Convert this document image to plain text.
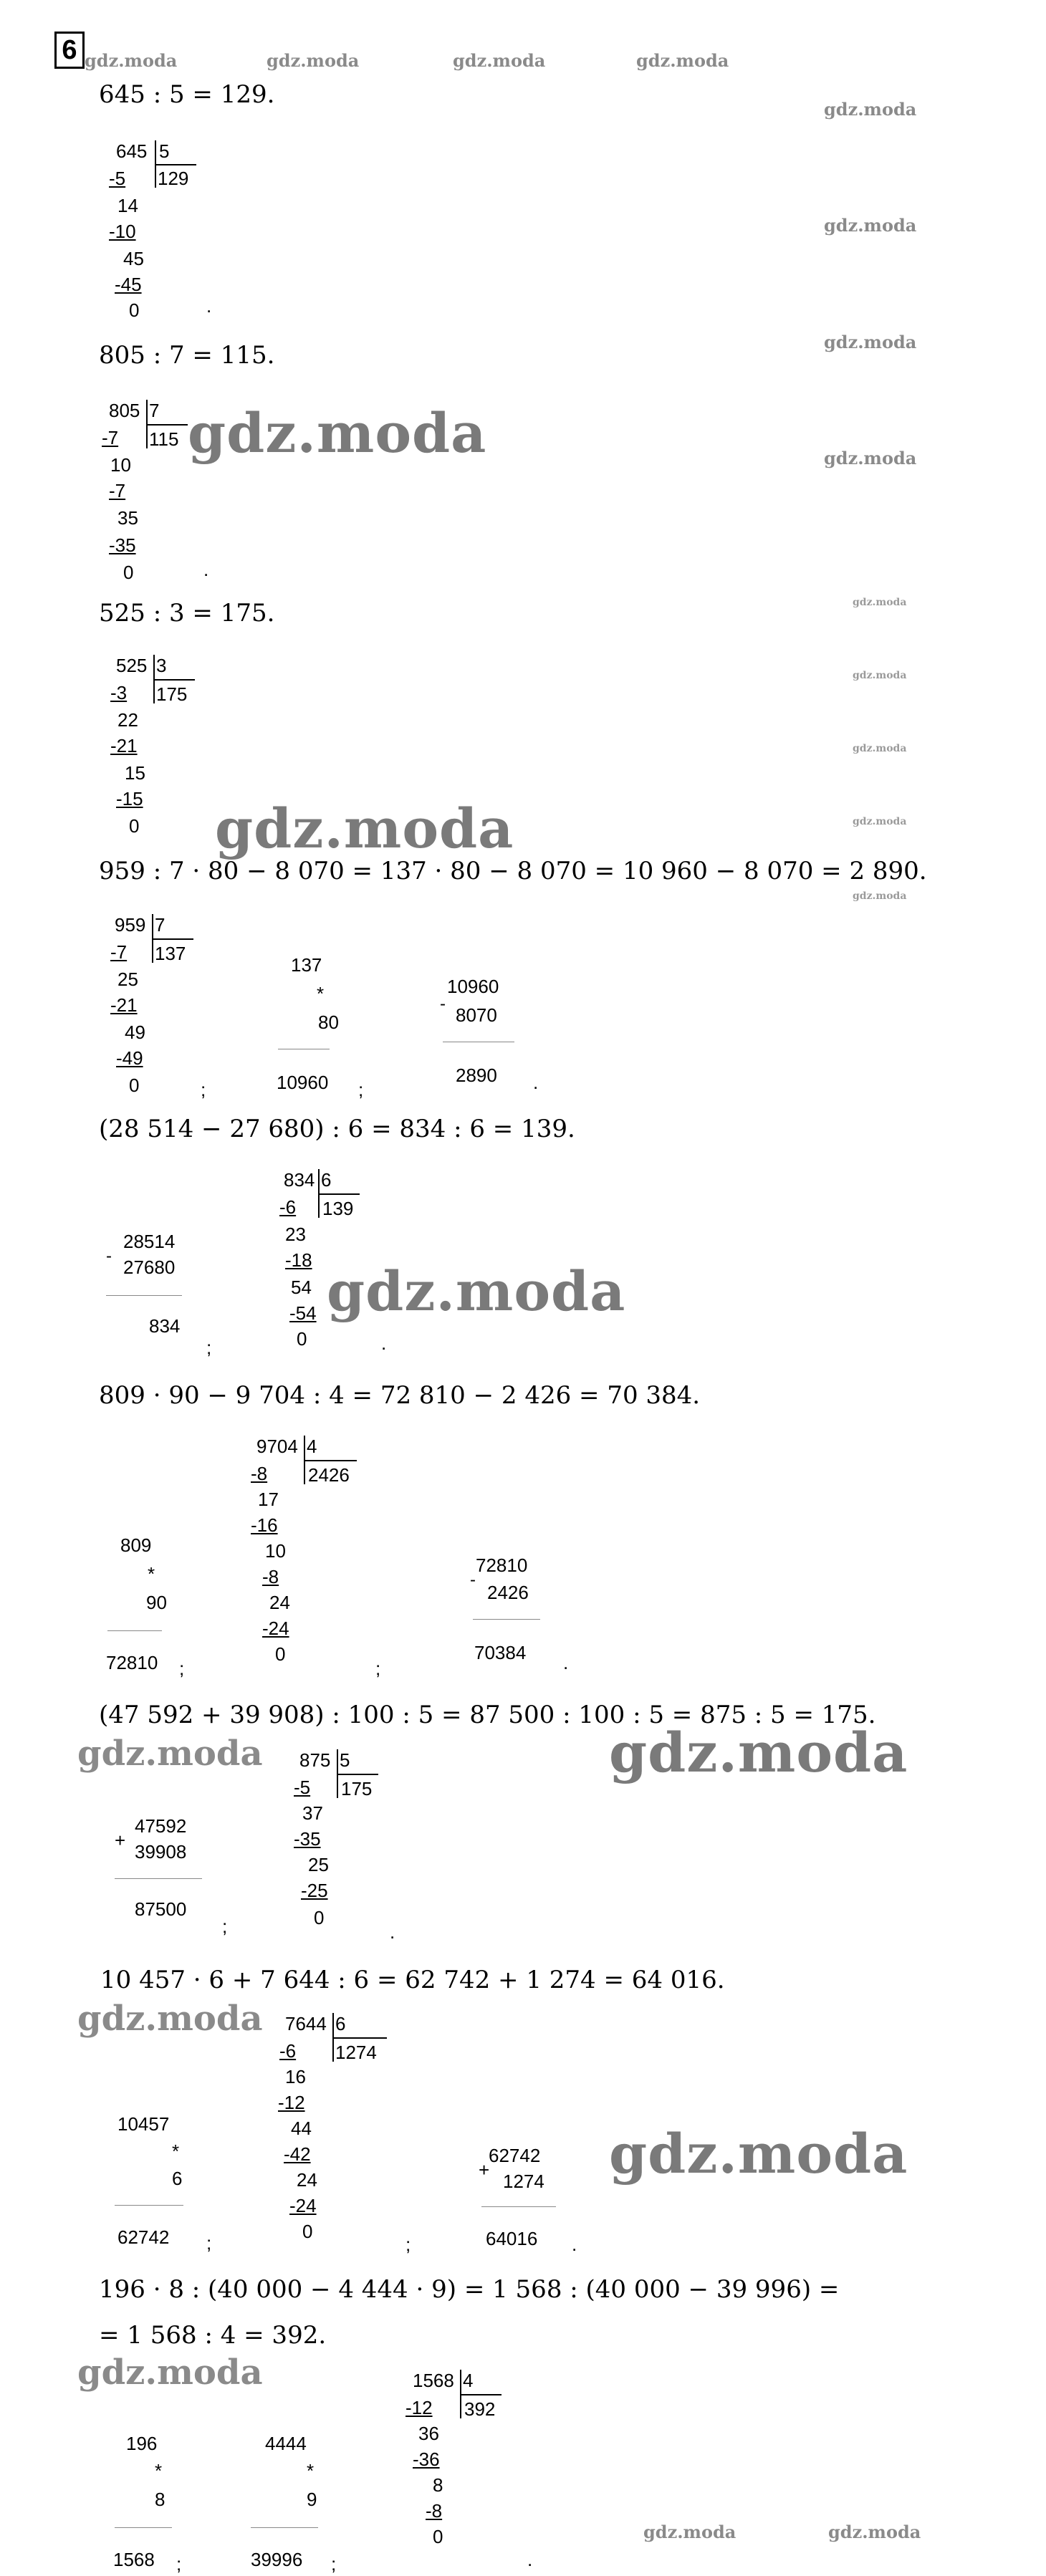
6 gdz.moda	gdz.moda	gdz.moda	gdz.moda
gdz.moda
gdz.moda
gdz.moda
gdz.moda
gdz.moda
gdz.moda
gdz.moda
gdz.moda
gdz.moda
645 : 5 = 129.
645 5
129
-5
14
-10
45
-45
0	.
805 : 7 = 115.
805 7
115
-7
10
-7
35
-35
0	.
gdz.moda
525 : 3 = 175.
525 3
175
-3
22
-21
15
-15
0 gdz.moda
959 : 7 · 80 − 8 070 = 137 · 80 − 8 070 = 10 960 − 8 070 = 2 890.
959 7
137
-7
25
-21
49
-49
0	;
137
*
80
10960 ;
10960
-
8070
2890 .
(28 514 − 27 680) : 6 = 834 : 6 = 139.
834 6
139
-6
23
-18
54
-54
0
28514
-
27680
834
;	.
gdz.moda
809 · 90 − 9 704 : 4 = 72 810 − 2 426 = 70 384.
9704 4
2426
-8
17
-16
10
-8
24
-24
0
809
*
90
72810 ;	;
72810
-
2426
70384 .
(47 592 + 39 908) : 100 : 5 = 87 500 : 100 : 5 = 875 : 5 = 175.
gdz.moda	gdz.moda
875 5
175
-5
37
-35
25
-25
0
47592
+
39908
87500
;	.
10 457 · 6 + 7 644 : 6 = 62 742 + 1 274 = 64 016.
gdz.moda 7644 6
1274
-6
16
-12
44
-42
24
-24
0
10457
*
6
62742 ;	;
62742
+
1274
64016 .
gdz.moda
196 · 8 : (40 000 − 4 444 · 9) = 1 568 : (40 000 − 39 996) =
= 1 568 : 4 = 392.
gdz.moda	1568 4
392
-12
36
-36
8
-8
0
196
*
8
1568 ;
4444
*
9
39996 ;	.
gdz.moda	gdz.moda
